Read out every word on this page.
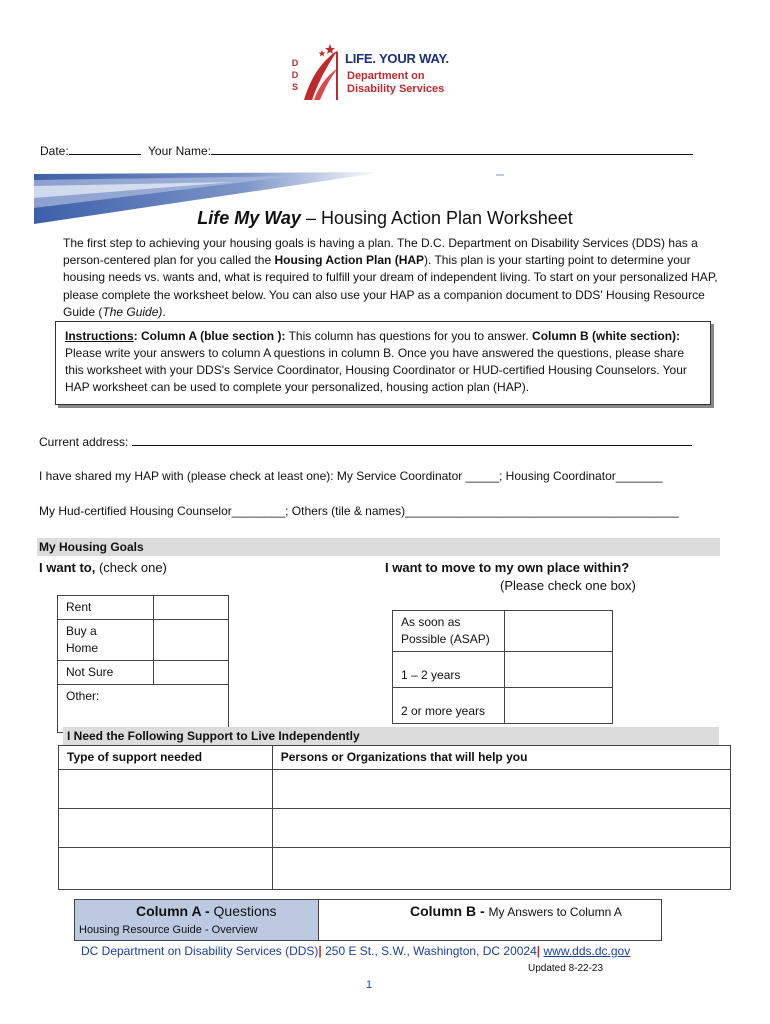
D
D
S
LIFE. YOUR WAY.
Department on
Disability Services
Date:	Your Name:
Life My Way – Housing Action Plan Worksheet
The first step to achieving your housing goals is having a plan. The D.C. Department on Disability Services (DDS) has a person-centered plan for you called the Housing Action Plan (HAP). This plan is your starting point to determine your housing needs vs. wants and, what is required to fulfill your dream of independent living. To start on your personalized HAP, please complete the worksheet below. You can also use your HAP as a companion document to DDS' Housing Resource Guide (The Guide).
Instructions: Column A (blue section ): This column has questions for you to answer. Column B (white section): Please write your answers to column A questions in column B. Once you have answered the questions, please share this worksheet with your DDS's Service Coordinator, Housing Coordinator or HUD-certified Housing Counselors. Your HAP worksheet can be used to complete your personalized, housing action plan (HAP).
Current address:
I have shared my HAP with (please check at least one): My Service Coordinator _____; Housing Coordinator_______
My Hud-certified Housing Counselor________; Others (tile & names)_________________________________________
My Housing Goals
I want to, (check one)	I want to move to my own place within?
(Please check one box)
Rent	
Buy a Home	
Not Sure	
Other:	
As soon as Possible (ASAP)	
1 – 2 years	
2 or more years	
I Need the Following Support to Live Independently
Type of support needed	Persons or Organizations that will help you

Column A - Questions
Housing Resource Guide - Overview
Column B - My Answers to Column A
DC Department on Disability Services (DDS)| 250 E St., S.W., Washington, DC 20024| www.dds.dc.gov
Updated 8-22-23
1
